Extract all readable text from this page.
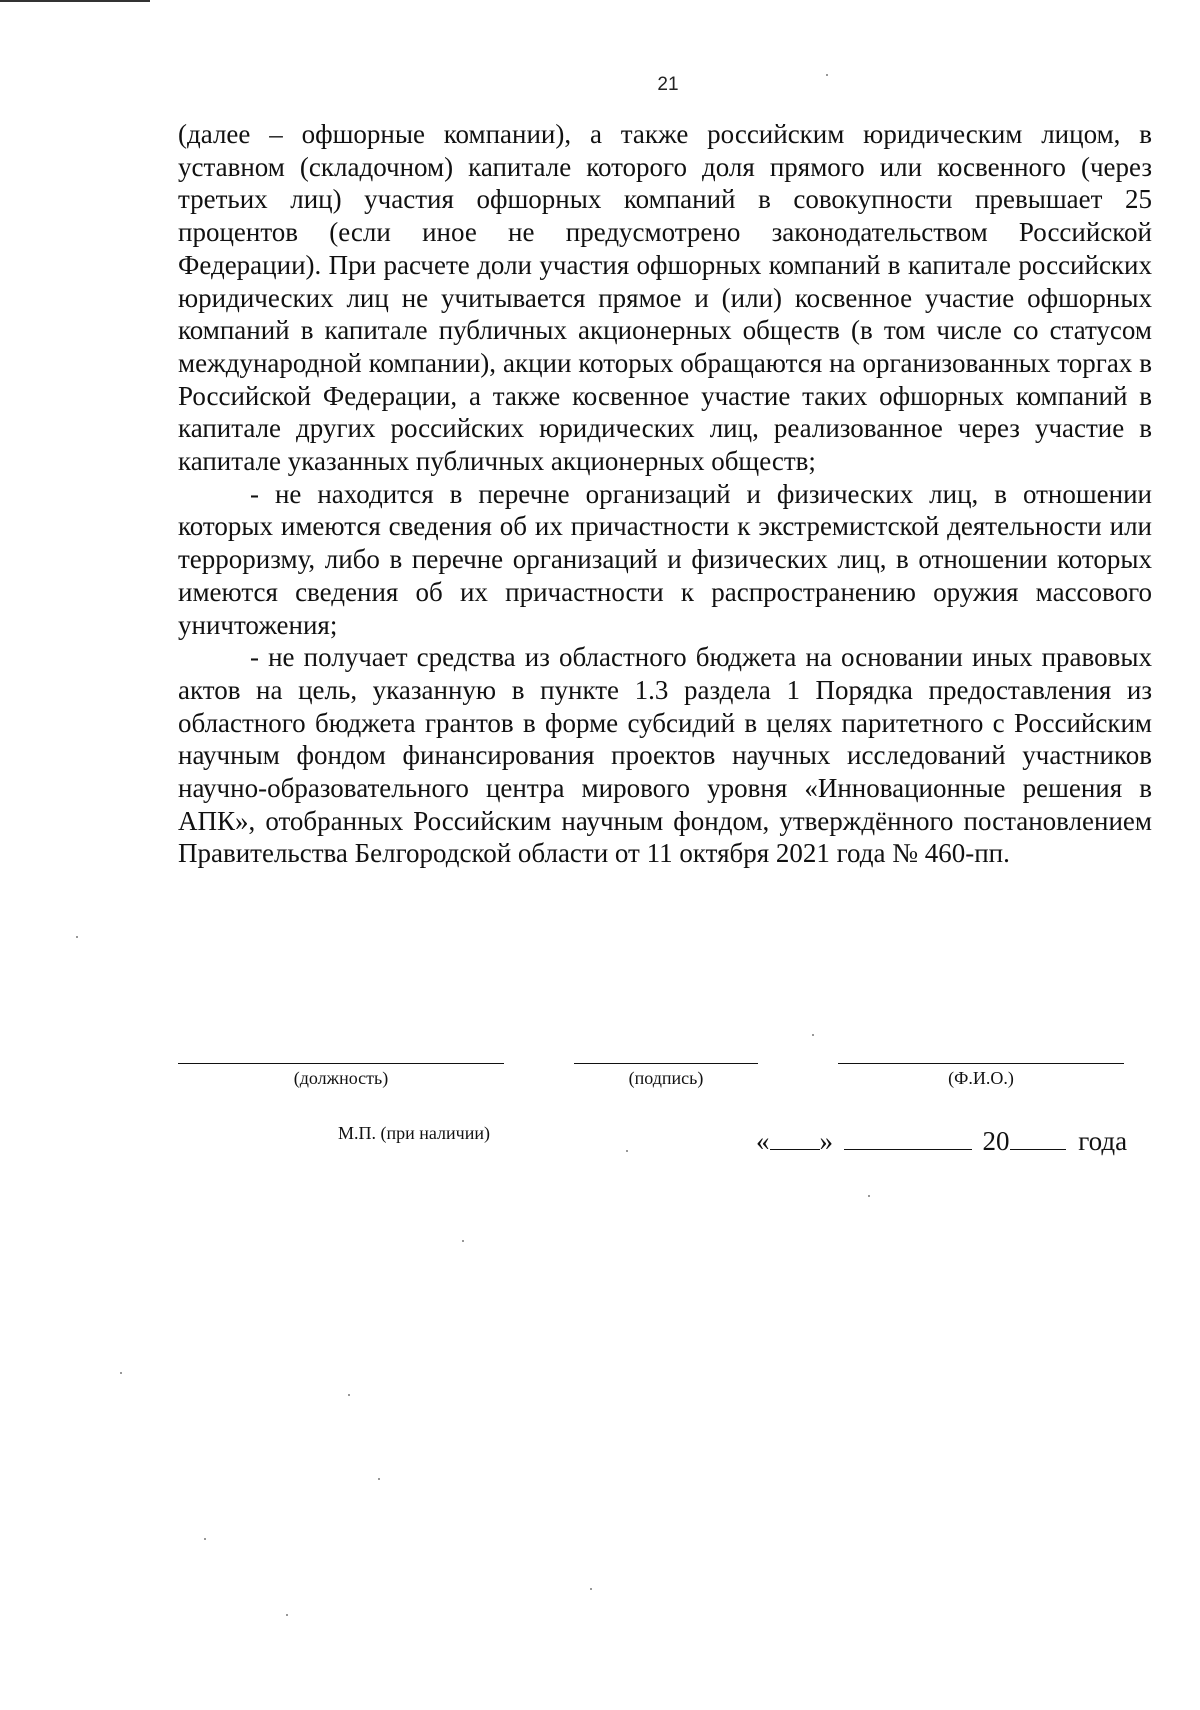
21

(далее – офшорные компании), а также российским юридическим лицом, в уставном (складочном) капитале которого доля прямого или косвенного (через третьих лиц) участия офшорных компаний в совокупности превышает 25 процентов (если иное не предусмотрено законодательством Российской Федерации). При расчете доли участия офшорных компаний в капитале российских юридических лиц не учитывается прямое и (или) косвенное участие офшорных компаний в капитале публичных акционерных обществ (в том числе со статусом международной компании), акции которых обращаются на организованных торгах в Российской Федерации, а также косвенное участие таких офшорных компаний в капитале других российских юридических лиц, реализованное через участие в капитале указанных публичных акционерных обществ;

- не находится в перечне организаций и физических лиц, в отношении которых имеются сведения об их причастности к экстремистской деятельности или терроризму, либо в перечне организаций и физических лиц, в отношении которых имеются сведения об их причастности к распространению оружия массового уничтожения;

- не получает средства из областного бюджета на основании иных правовых актов на цель, указанную в пункте 1.3 раздела 1 Порядка предоставления из областного бюджета грантов в форме субсидий в целях паритетного с Российским научным фондом финансирования проектов научных исследований участников научно-образовательного центра мирового уровня «Инновационные решения в АПК», отобранных Российским научным фондом, утверждённого постановлением Правительства Белгородской области от 11 октября 2021 года № 460-пп.

(должность)	(подпись)	(Ф.И.О.)
М.П. (при наличии)	« »	20	года
